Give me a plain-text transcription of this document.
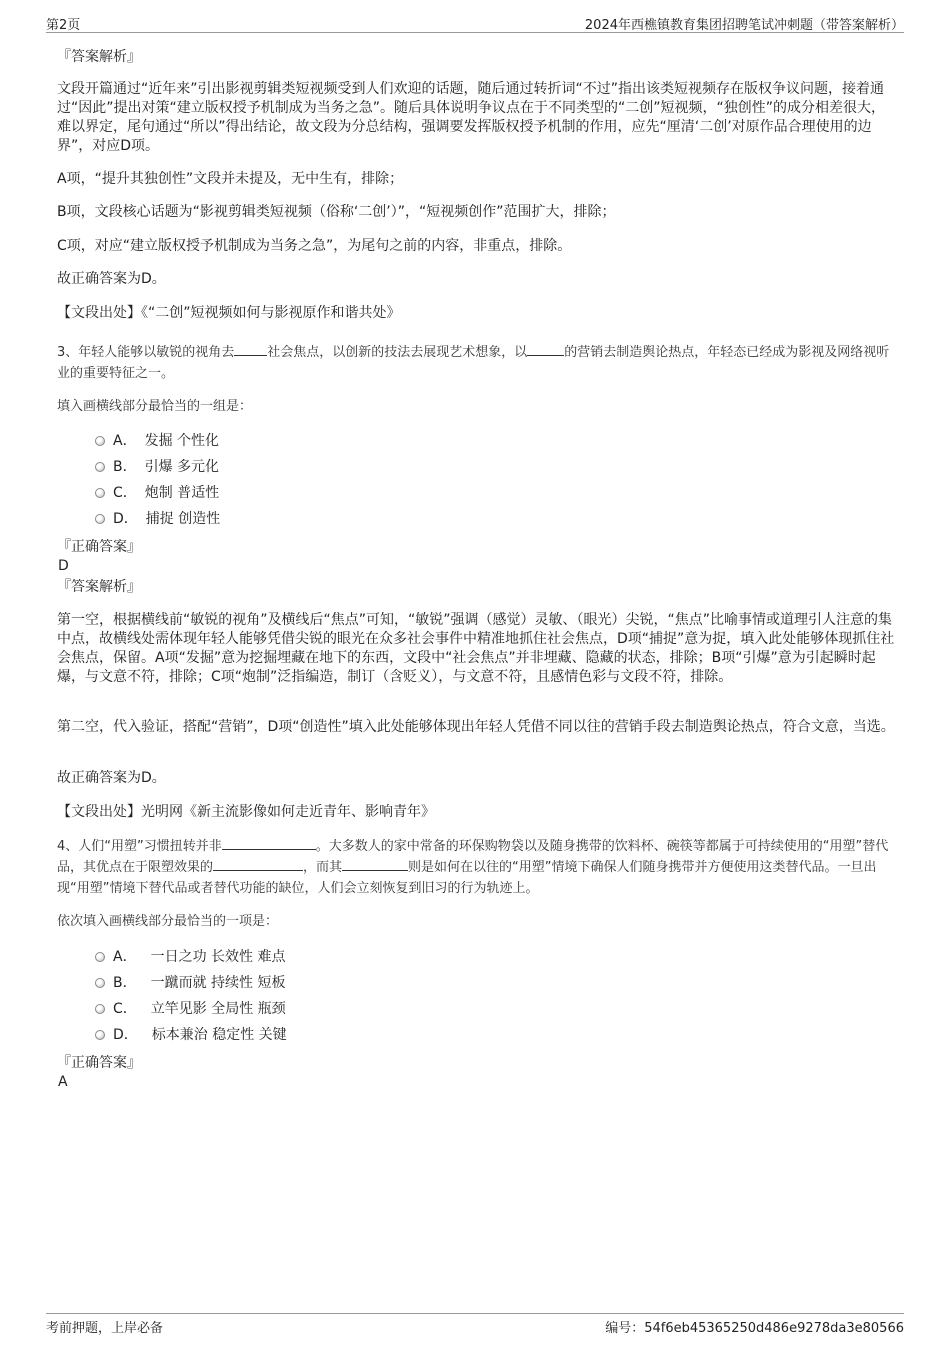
第2页	2024年西樵镇教育集团招聘笔试冲刺题（带答案解析）
『答案解析』
文段开篇通过“近年来”引出影视剪辑类短视频受到人们欢迎的话题，随后通过转折词“不过”指出该类短视频存在版权争议问题，接着通过“因此”提出对策“建立版权授予机制成为当务之急”。随后具体说明争议点在于不同类型的“二创”短视频，“独创性”的成分相差很大，难以界定，尾句通过“所以”得出结论，故文段为分总结构，强调要发挥版权授予机制的作用，应先“厘清‘二创’对原作品合理使用的边界”，对应D项。
A项，“提升其独创性”文段并未提及，无中生有，排除；
B项，文段核心话题为“影视剪辑类短视频（俗称‘二创’）”，“短视频创作”范围扩大，排除；
C项，对应“建立版权授予机制成为当务之急”，为尾句之前的内容，非重点，排除。
故正确答案为D。
【文段出处】《“二创”短视频如何与影视原作和谐共处》
3、年轻人能够以敏锐的视角去	社会焦点，以创新的技法去展现艺术想象，以	的营销去制造舆论热点，年轻态已经成为影视及网络视听业的重要特征之一。
填入画横线部分最恰当的一组是：
A． 发掘 个性化
B． 引爆 多元化
C． 炮制 普适性
D． 捕捉 创造性
『正确答案』
D
『答案解析』
第一空，根据横线前“敏锐的视角”及横线后“焦点”可知，“敏锐”强调（感觉）灵敏、（眼光）尖锐，“焦点”比喻事情或道理引人注意的集中点，故横线处需体现年轻人能够凭借尖锐的眼光在众多社会事件中精准地抓住社会焦点，D项“捕捉”意为捉，填入此处能够体现抓住社会焦点，保留。A项“发掘”意为挖掘埋藏在地下的东西，文段中“社会焦点”并非埋藏、隐藏的状态，排除；B项“引爆”意为引起瞬时起爆，与文意不符，排除；C项“炮制”泛指编造，制订（含贬义），与文意不符，且感情色彩与文段不符，排除。
第二空，代入验证，搭配“营销”，D项“创造性”填入此处能够体现出年轻人凭借不同以往的营销手段去制造舆论热点，符合文意，当选。
故正确答案为D。
【文段出处】光明网《新主流影像如何走近青年、影响青年》
4、人们“用塑”习惯扭转并非	。大多数人的家中常备的环保购物袋以及随身携带的饮料杯、碗筷等都属于可持续使用的“用塑”替代品，其优点在于限塑效果的	，而其	则是如何在以往的“用塑”情境下确保人们随身携带并方便使用这类替代品。一旦出现“用塑”情境下替代品或者替代功能的缺位，人们会立刻恢复到旧习的行为轨迹上。
依次填入画横线部分最恰当的一项是：
A． 一日之功 长效性 难点
B． 一蹴而就 持续性 短板
C． 立竿见影 全局性 瓶颈
D． 标本兼治 稳定性 关键
『正确答案』
A
考前押题，上岸必备	编号：54f6eb45365250d486e9278da3e80566
